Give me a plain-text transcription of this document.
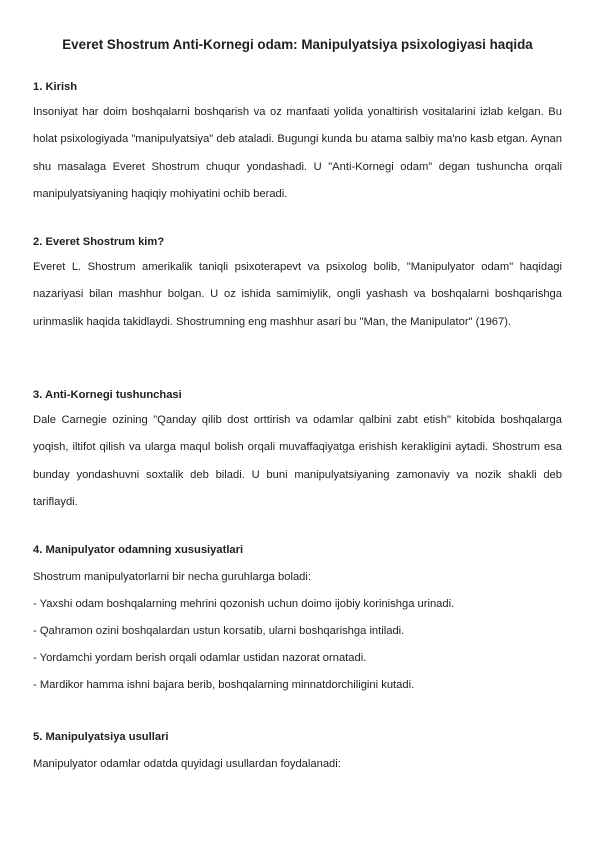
Everet Shostrum Anti-Kornegi odam: Manipulyatsiya psixologiyasi haqida
1. Kirish

Insoniyat har doim boshqalarni boshqarish va oz manfaati yolida yonaltirish vositalarini izlab kelgan. Bu holat psixologiyada "manipulyatsiya" deb ataladi. Bugungi kunda bu atama salbiy ma'no kasb etgan. Aynan shu masalaga Everet Shostrum chuqur yondashadi. U "Anti-Kornegi odam" degan tushuncha orqali manipulyatsiyaning haqiqiy mohiyatini ochib beradi.

2. Everet Shostrum kim?

Everet L. Shostrum amerikalik taniqli psixoterapevt va psixolog bolib, "Manipulyator odam" haqidagi nazariyasi bilan mashhur bolgan. U oz ishida samimiylik, ongli yashash va boshqalarni boshqarishga urinmaslik haqida takidlaydi. Shostrumning eng mashhur asari bu "Man, the Manipulator" (1967).

3. Anti-Kornegi tushunchasi

Dale Carnegie ozining "Qanday qilib dost orttirish va odamlar qalbini zabt etish" kitobida boshqalarga yoqish, iltifot qilish va ularga maqul bolish orqali muvaffaqiyatga erishish kerakligini aytadi. Shostrum esa bunday yondashuvni soxtalik deb biladi. U buni manipulyatsiyaning zamonaviy va nozik shakli deb tariflaydi.

4. Manipulyator odamning xususiyatlari

Shostrum manipulyatorlarni bir necha guruhlarga boladi:

- Yaxshi odam boshqalarning mehrini qozonish uchun doimo ijobiy korinishga urinadi.

- Qahramon ozini boshqalardan ustun korsatib, ularni boshqarishga intiladi.

- Yordamchi yordam berish orqali odamlar ustidan nazorat ornatadi.

- Mardikor hamma ishni bajara berib, boshqalarning minnatdorchiligini kutadi.

5. Manipulyatsiya usullari

Manipulyator odamlar odatda quyidagi usullardan foydalanadi:
